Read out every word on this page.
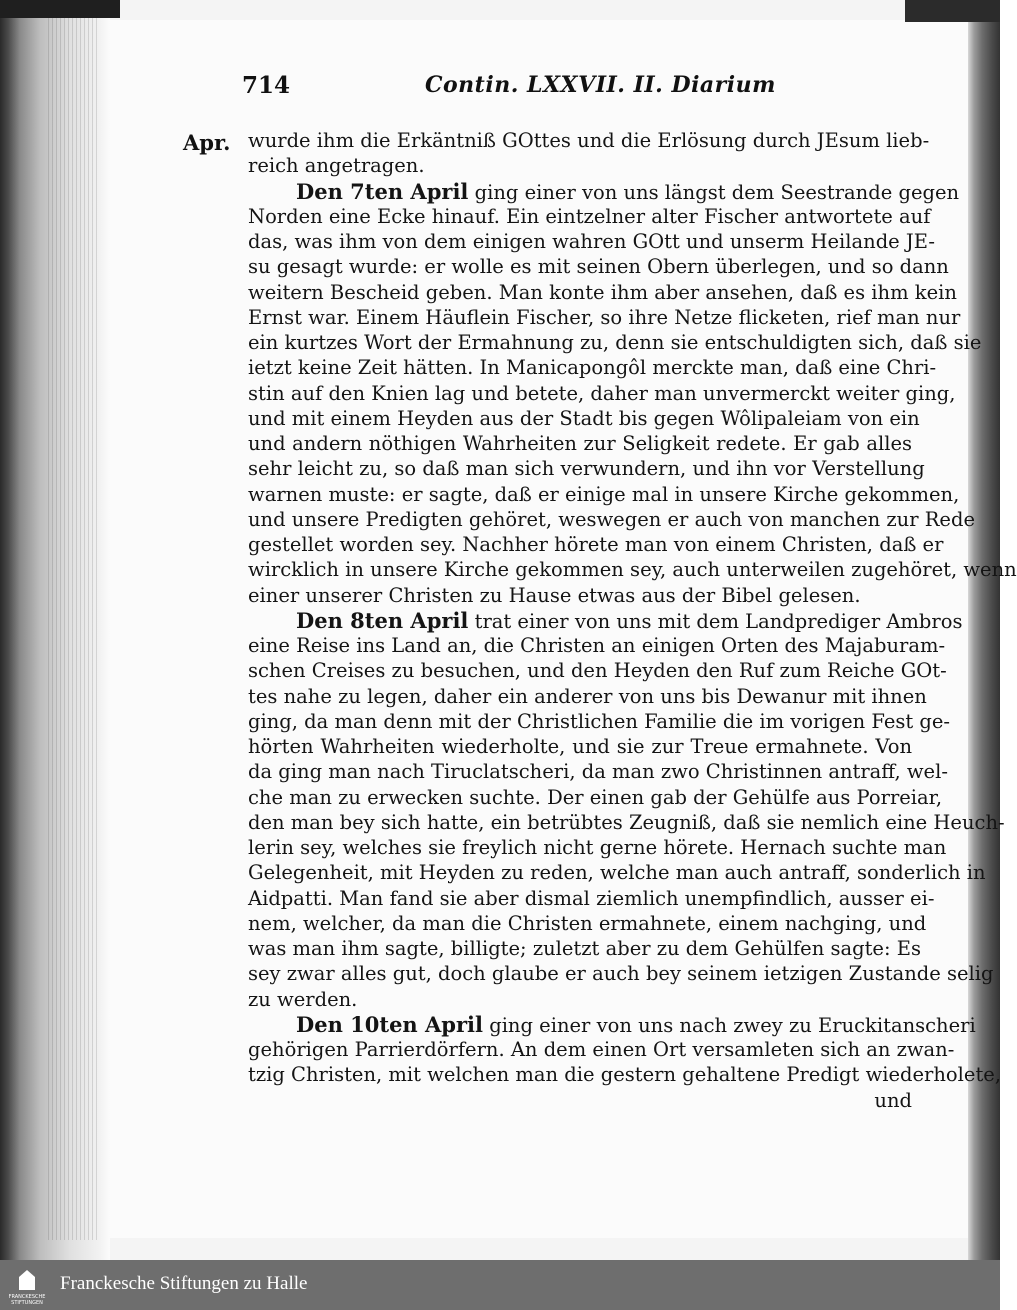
714	Contin. LXXVII. II. Diarium
Apr. wurde ihm die Erkäntniß GOttes und die Erlösung durch JEsum lieb-
reich angetragen.
Den 7ten April ging einer von uns längst dem Seestrande gegen
Norden eine Ecke hinauf. Ein eintzelner alter Fischer antwortete auf
das, was ihm von dem einigen wahren GOtt und unserm Heilande JE-
su gesagt wurde: er wolle es mit seinen Obern überlegen, und so dann
weitern Bescheid geben. Man konte ihm aber ansehen, daß es ihm kein
Ernst war. Einem Häuflein Fischer, so ihre Netze flicketen, rief man nur
ein kurtzes Wort der Ermahnung zu, denn sie entschuldigten sich, daß sie
ietzt keine Zeit hätten. In Manicapongôl merckte man, daß eine Chri-
stin auf den Knien lag und betete, daher man unvermerckt weiter ging,
und mit einem Heyden aus der Stadt bis gegen Wôlipaleiam von ein
und andern nöthigen Wahrheiten zur Seligkeit redete. Er gab alles
sehr leicht zu, so daß man sich verwundern, und ihn vor Verstellung
warnen muste: er sagte, daß er einige mal in unsere Kirche gekommen,
und unsere Predigten gehöret, weswegen er auch von manchen zur Rede
gestellet worden sey. Nachher hörete man von einem Christen, daß er
wircklich in unsere Kirche gekommen sey, auch unterweilen zugehöret, wenn
einer unserer Christen zu Hause etwas aus der Bibel gelesen.
Den 8ten April trat einer von uns mit dem Landprediger Ambros
eine Reise ins Land an, die Christen an einigen Orten des Majaburam-
schen Creises zu besuchen, und den Heyden den Ruf zum Reiche GOt-
tes nahe zu legen, daher ein anderer von uns bis Dewanur mit ihnen
ging, da man denn mit der Christlichen Familie die im vorigen Fest ge-
hörten Wahrheiten wiederholte, und sie zur Treue ermahnete. Von
da ging man nach Tiruclatscheri, da man zwo Christinnen antraff, wel-
che man zu erwecken suchte. Der einen gab der Gehülfe aus Porreiar,
den man bey sich hatte, ein betrübtes Zeugniß, daß sie nemlich eine Heuch-
lerin sey, welches sie freylich nicht gerne hörete. Hernach suchte man
Gelegenheit, mit Heyden zu reden, welche man auch antraff, sonderlich in
Aidpatti. Man fand sie aber dismal ziemlich unempfindlich, ausser ei-
nem, welcher, da man die Christen ermahnete, einem nachging, und
was man ihm sagte, billigte; zuletzt aber zu dem Gehülfen sagte: Es
sey zwar alles gut, doch glaube er auch bey seinem ietzigen Zustande selig
zu werden.
Den 10ten April ging einer von uns nach zwey zu Eruckitanscheri
gehörigen Parrierdörfern. An dem einen Ort versamleten sich an zwan-
tzig Christen, mit welchen man die gestern gehaltene Predigt wiederholete,
und

FRANCKESCHE STIFTUNGEN
Franckesche Stiftungen zu Halle
